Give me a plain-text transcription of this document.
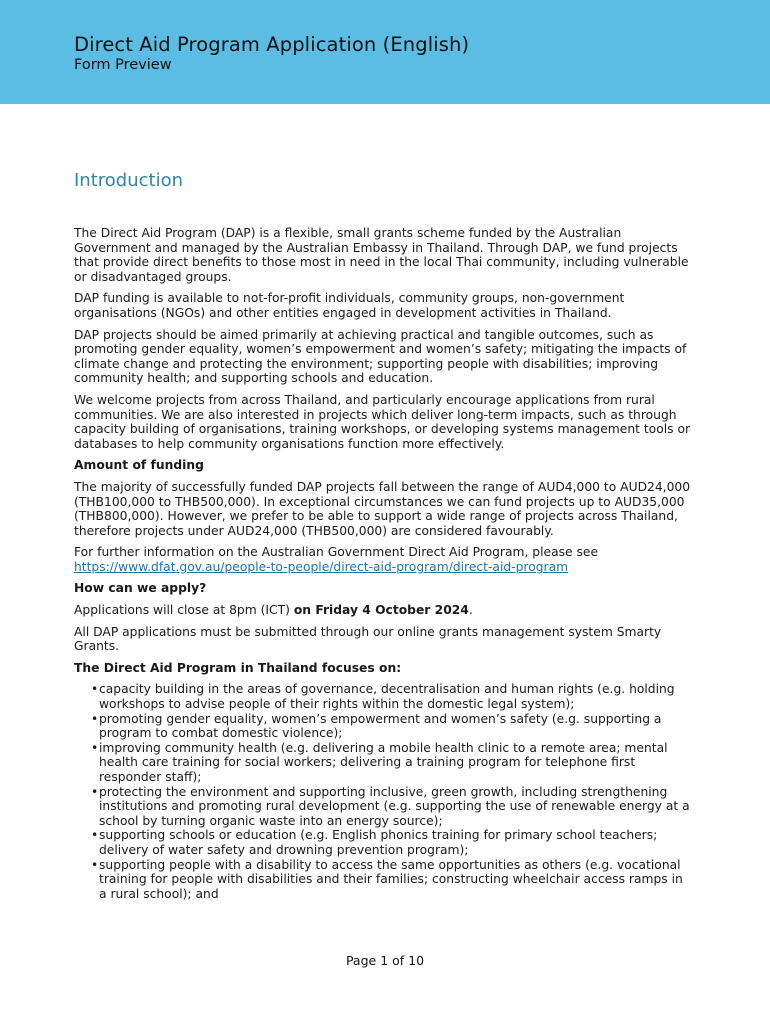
Direct Aid Program Application (English)
Form Preview
Introduction

The Direct Aid Program (DAP) is a flexible, small grants scheme funded by the Australian Government and managed by the Australian Embassy in Thailand. Through DAP, we fund projects that provide direct benefits to those most in need in the local Thai community, including vulnerable or disadvantaged groups.

DAP funding is available to not-for-profit individuals, community groups, non-government organisations (NGOs) and other entities engaged in development activities in Thailand.

DAP projects should be aimed primarily at achieving practical and tangible outcomes, such as promoting gender equality, women’s empowerment and women’s safety; mitigating the impacts of climate change and protecting the environment; supporting people with disabilities; improving community health; and supporting schools and education.

We welcome projects from across Thailand, and particularly encourage applications from rural communities. We are also interested in projects which deliver long-term impacts, such as through capacity building of organisations, training workshops, or developing systems management tools or databases to help community organisations function more effectively.

Amount of funding

The majority of successfully funded DAP projects fall between the range of AUD4,000 to AUD24,000 (THB100,000 to THB500,000). In exceptional circumstances we can fund projects up to AUD35,000 (THB800,000). However, we prefer to be able to support a wide range of projects across Thailand, therefore projects under AUD24,000 (THB500,000) are considered favourably.

For further information on the Australian Government Direct Aid Program, please see https://www.dfat.gov.au/people-to-people/direct-aid-program/direct-aid-program

How can we apply?

Applications will close at 8pm (ICT) on Friday 4 October 2024.

All DAP applications must be submitted through our online grants management system Smarty Grants.

The Direct Aid Program in Thailand focuses on:

•capacity building in the areas of governance, decentralisation and human rights (e.g. holding workshops to advise people of their rights within the domestic legal system);
•promoting gender equality, women’s empowerment and women’s safety (e.g. supporting a program to combat domestic violence);
•improving community health (e.g. delivering a mobile health clinic to a remote area; mental health care training for social workers; delivering a training program for telephone first responder staff);
•protecting the environment and supporting inclusive, green growth, including strengthening institutions and promoting rural development (e.g. supporting the use of renewable energy at a school by turning organic waste into an energy source);
•supporting schools or education (e.g. English phonics training for primary school teachers; delivery of water safety and drowning prevention program);
•supporting people with a disability to access the same opportunities as others (e.g. vocational training for people with disabilities and their families; constructing wheelchair access ramps in a rural school); and
Page 1 of 10
